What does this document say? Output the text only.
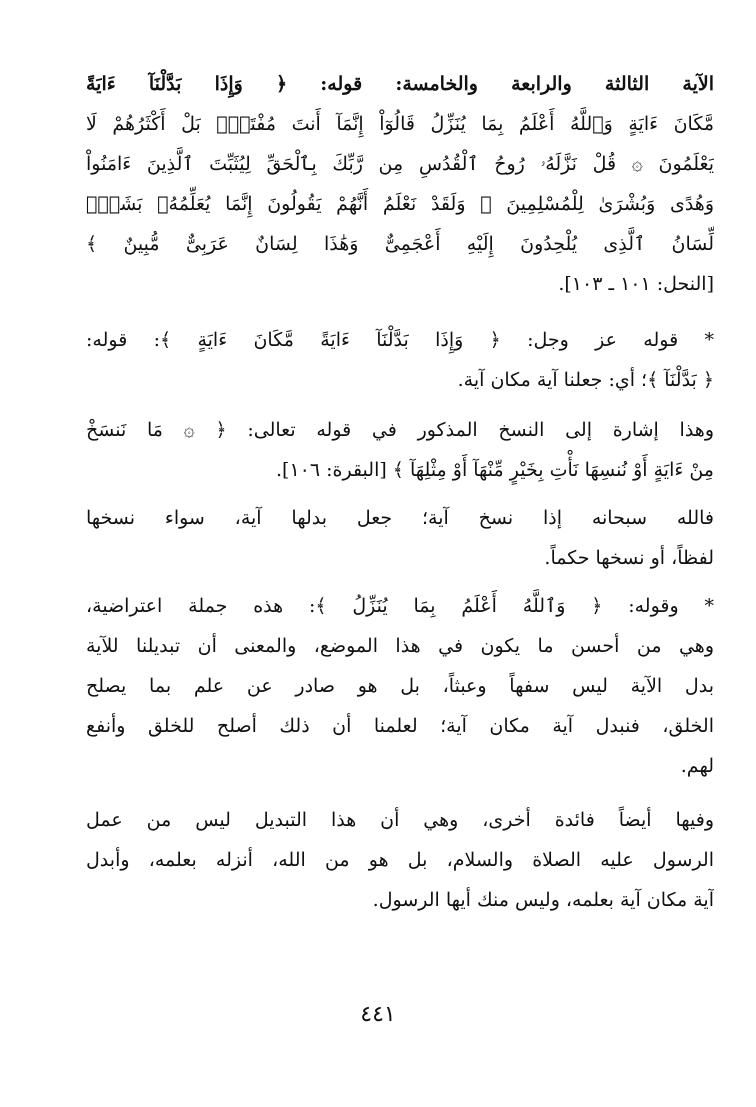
الآية الثالثة والرابعة والخامسة: قوله: ﴿ وَإِذَا بَدَّلْنَآ ءَايَةً
مَّكَانَ ءَايَةٍ وَٱللَّهُ أَعْلَمُ بِمَا يُنَزِّلُ قَالُوٓاْ إِنَّمَآ أَنتَ مُفْتَرٍۭ بَلْ أَكْثَرُهُمْ لَا
يَعْلَمُونَ ۞ قُلْ نَزَّلَهُۥ رُوحُ ٱلْقُدُسِ مِن رَّبِّكَ بِٱلْحَقِّ لِيُثَبِّتَ ٱلَّذِينَ ءَامَنُواْ
وَهُدًى وَبُشْرَىٰ لِلْمُسْلِمِينَ ۞ وَلَقَدْ نَعْلَمُ أَنَّهُمْ يَقُولُونَ إِنَّمَا يُعَلِّمُهُۥ بَشَرٌۗ
لِّسَانُ ٱلَّذِى يُلْحِدُونَ إِلَيْهِ أَعْجَمِىٌّ وَهَٰذَا لِسَانٌ عَرَبِىٌّ مُّبِينٌ ﴾
[النحل: ١٠١ ـ ١٠٣].
* قوله عز وجل: ﴿ وَإِذَا بَدَّلْنَآ ءَايَةً مَّكَانَ ءَايَةٍ ﴾: قوله:
﴿ بَدَّلْنَآ ﴾؛ أي: جعلنا آية مكان آية.
وهذا إشارة إلى النسخ المذكور في قوله تعالى: ﴿ ۞ مَا نَنسَخْ
مِنْ ءَايَةٍ أَوْ نُنسِهَا نَأْتِ بِخَيْرٍ مِّنْهَآ أَوْ مِثْلِهَآ ﴾ [البقرة: ١٠٦].
فالله سبحانه إذا نسخ آية؛ جعل بدلها آية، سواء نسخها
لفظاً، أو نسخها حكماً.
* وقوله: ﴿ وَٱللَّهُ أَعْلَمُ بِمَا يُنَزِّلُ ﴾: هذه جملة اعتراضية،
وهي من أحسن ما يكون في هذا الموضع، والمعنى أن تبديلنا للآية
بدل الآية ليس سفهاً وعبثاً، بل هو صادر عن علم بما يصلح
الخلق، فنبدل آية مكان آية؛ لعلمنا أن ذلك أصلح للخلق وأنفع
لهم.
وفيها أيضاً فائدة أخرى، وهي أن هذا التبديل ليس من عمل
الرسول عليه الصلاة والسلام، بل هو من الله، أنزله بعلمه، وأبدل
آية مكان آية بعلمه، وليس منك أيها الرسول.
٤٤١
